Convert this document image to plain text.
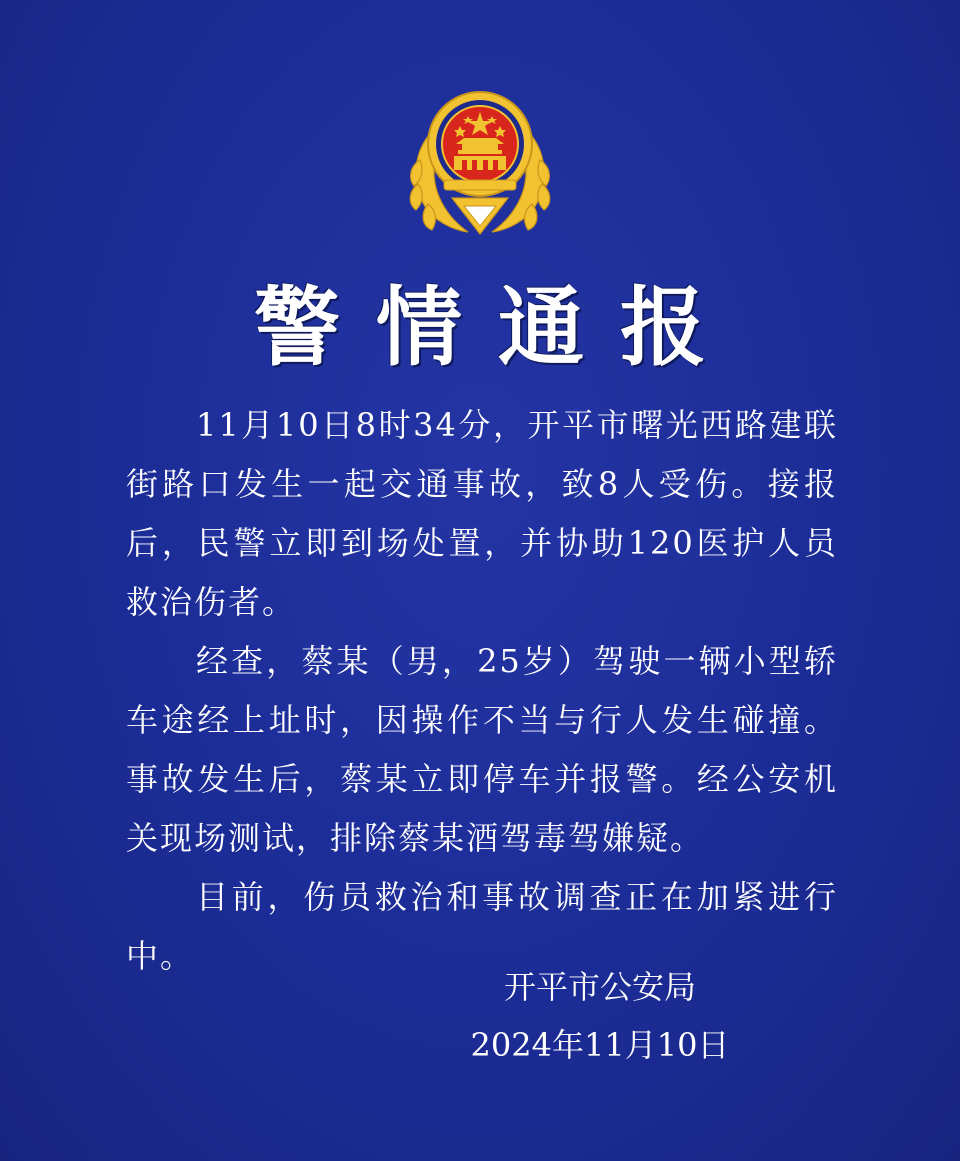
警情通报

11月10日8时34分，开平市曙光西路建联街路口发生一起交通事故，致8人受伤。接报后，民警立即到场处置，并协助120医护人员救治伤者。

经查，蔡某（男，25岁）驾驶一辆小型轿车途经上址时，因操作不当与行人发生碰撞。事故发生后，蔡某立即停车并报警。经公安机关现场测试，排除蔡某酒驾毒驾嫌疑。

目前，伤员救治和事故调查正在加紧进行中。

开平市公安局
2024年11月10日
